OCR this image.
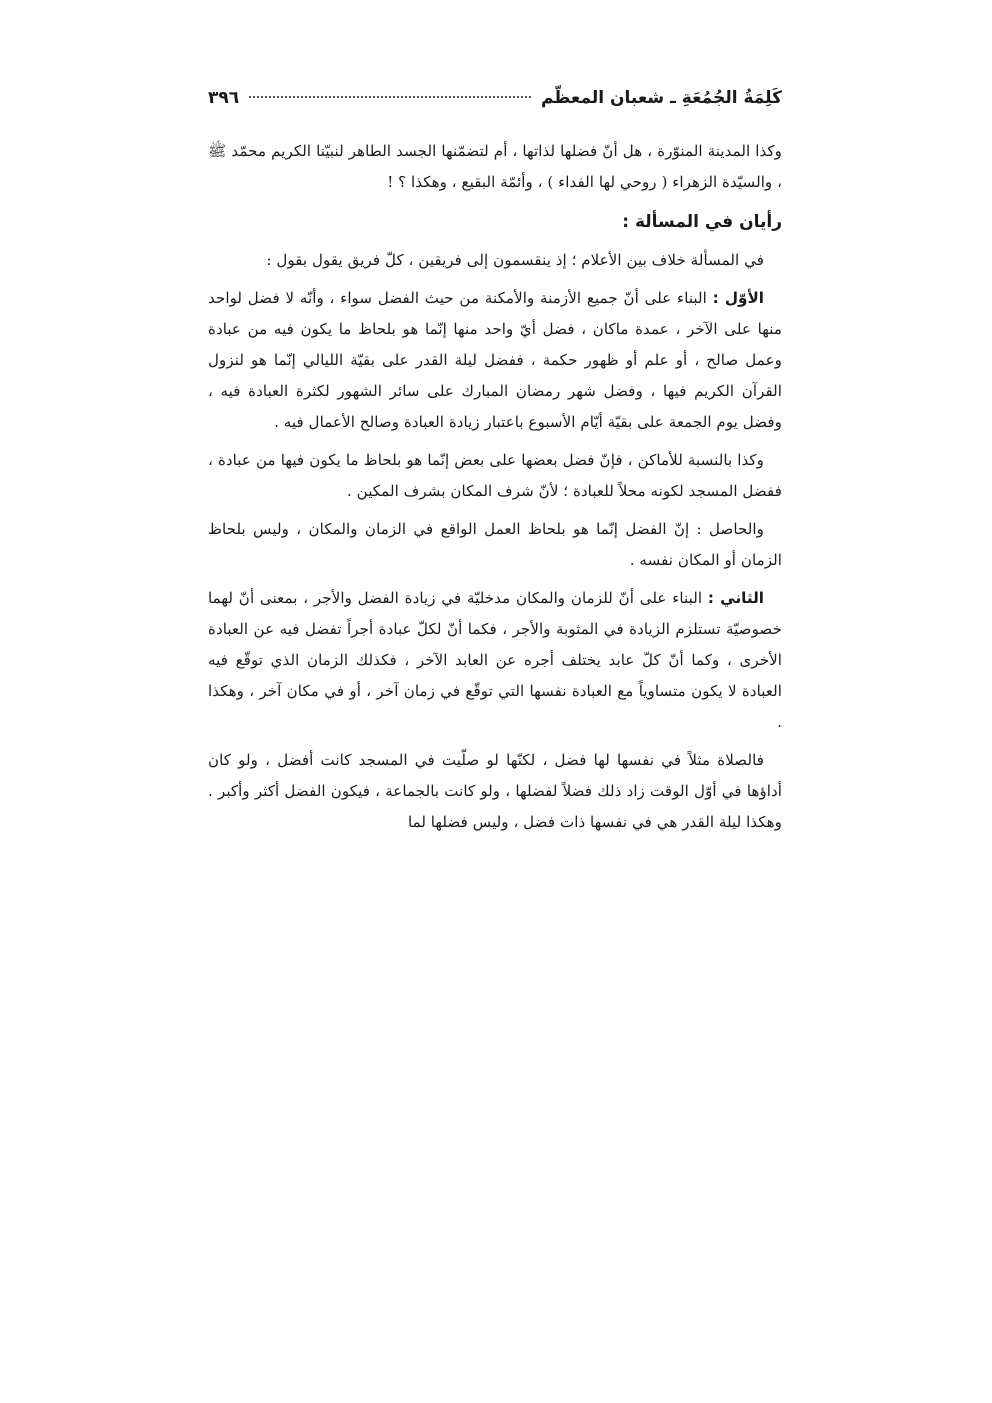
كَلِمَةُ الجُمُعَةِ ـ شعبان المعظّم
٣٩٦

وكذا المدينة المنوّرة ، هل أنّ فضلها لذاتها ، أم لتضمّنها الجسد الطاهر لنبيّنا الكريم محمّد ﷺ ، والسيّدة الزهراء ( روحي لها الفداء ) ، وأئمّة البقيع ، وهكذا ؟ !

رأيان في المسألة :

في المسألة خلاف بين الأعلام ؛ إذ ينقسمون إلى فريقين ، كلّ فريق يقول بقول :

الأوّل : البناء على أنّ جميع الأزمنة والأمكنة من حيث الفضل سواء ، وأنّه لا فضل لواحد منها على الآخر ، عمدة ماكان ، فضل أيّ واحد منها إنّما هو بلحاظ ما يكون فيه من عبادة وعمل صالح ، أو علم أو ظهور حكمة ، ففضل ليلة القدر على بقيّة الليالي إنّما هو لنزول القرآن الكريم فيها ، وفضل شهر رمضان المبارك على سائر الشهور لكثرة العبادة فيه ، وفضل يوم الجمعة على بقيّة أيّام الأسبوع باعتبار زيادة العبادة وصالح الأعمال فيه .

وكذا بالنسبة للأماكن ، فإنّ فضل بعضها على بعض إنّما هو بلحاظ ما يكون فيها من عبادة ، ففضل المسجد لكونه محلاً للعبادة ؛ لأنّ شرف المكان بشرف المكين .

والحاصل : إنّ الفضل إنّما هو بلحاظ العمل الواقع في الزمان والمكان ، وليس بلحاظ الزمان أو المكان نفسه .

الثاني : البناء على أنّ للزمان والمكان مدخليّة في زيادة الفضل والأجر ، بمعنى أنّ لهما خصوصيّة تستلزم الزيادة في المثوبة والأجر ، فكما أنّ لكلّ عبادة أجراً تفضل فيه عن العبادة الأخرى ، وكما أنّ كلّ عابد يختلف أجره عن العابد الآخر ، فكذلك الزمان الذي توقّع فيه العبادة لا يكون متساوياً مع العبادة نفسها التي توقّع في زمان آخر ، أو في مكان آخر ، وهكذا .

فالصلاة مثلاً في نفسها لها فضل ، لكنّها لو صلّيت في المسجد كانت أفضل ، ولو كان أداؤها في أوّل الوقت زاد ذلك فضلاً لفضلها ، ولو كانت بالجماعة ، فيكون الفضل أكثر وأكبر . وهكذا ليلة القدر هي في نفسها ذات فضل ، وليس فضلها لما
